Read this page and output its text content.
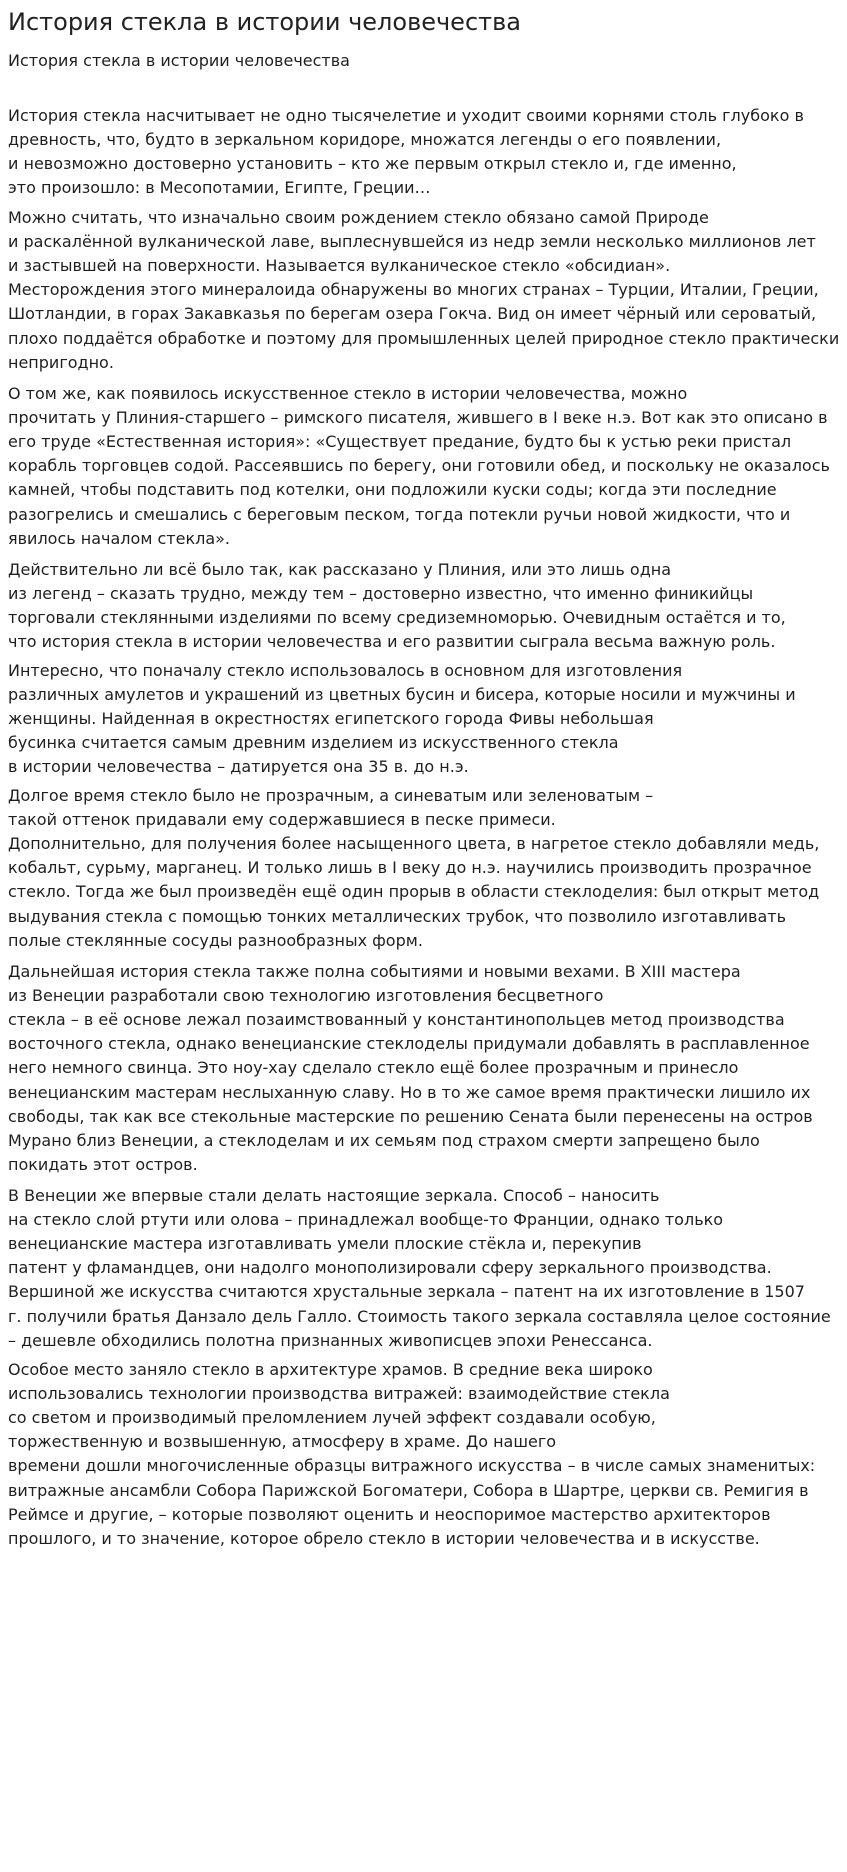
История стекла в истории человечества

История стекла в истории человечества

История стекла насчитывает не одно тысячелетие и уходит своими корнями столь глубоко в

древность, что, будто в зеркальном коридоре, множатся легенды о его появлении,

и невозможно достоверно установить – кто же первым открыл стекло и, где именно,

это произошло: в Месопотамии, Египте, Греции…

Можно считать, что изначально своим рождением стекло обязано самой Природе

и раскалённой вулканической лаве, выплеснувшейся из недр земли несколько миллионов лет

и застывшей на поверхности. Называется вулканическое стекло «обсидиан».

Месторождения этого минералоида обнаружены во многих странах – Турции, Италии, Греции,

Шотландии, в горах Закавказья по берегам озера Гокча. Вид он имеет чёрный или сероватый,

плохо поддаётся обработке и поэтому для промышленных целей природное стекло практически

непригодно.

О том же, как появилось искусственное стекло в истории человечества, можно

прочитать у Плиния-старшего – римского писателя, жившего в I веке н.э. Вот как это описано в

его труде «Естественная история»: «Существует предание, будто бы к устью реки пристал

корабль торговцев содой. Рассеявшись по берегу, они готовили обед, и поскольку не оказалось

камней, чтобы подставить под котелки, они подложили куски соды; когда эти последние

разогрелись и смешались с береговым песком, тогда потекли ручьи новой жидкости, что и

явилось началом стекла».

Действительно ли всё было так, как рассказано у Плиния, или это лишь одна

из легенд – сказать трудно, между тем – достоверно известно, что именно финикийцы

торговали стеклянными изделиями по всему средиземноморью. Очевидным остаётся и то,

что история стекла в истории человечества и его развитии сыграла весьма важную роль.

Интересно, что поначалу стекло использовалось в основном для изготовления

различных амулетов и украшений из цветных бусин и бисера, которые носили и мужчины и

женщины. Найденная в окрестностях египетского города Фивы небольшая

бусинка считается самым древним изделием из искусственного стекла

в истории человечества – датируется она 35 в. до н.э.

Долгое время стекло было не прозрачным, а синеватым или зеленоватым –

такой оттенок придавали ему содержавшиеся в песке примеси.

Дополнительно, для получения более насыщенного цвета, в нагретое стекло добавляли медь,

кобальт, сурьму, марганец. И только лишь в I веку до н.э. научились производить прозрачное

стекло. Тогда же был произведён ещё один прорыв в области стеклоделия: был открыт метод

выдувания стекла с помощью тонких металлических трубок, что позволило изготавливать

полые стеклянные сосуды разнообразных форм.

Дальнейшая история стекла также полна событиями и новыми вехами. В XIII мастера

из Венеции разработали свою технологию изготовления бесцветного

стекла – в её основе лежал позаимствованный у константинопольцев метод производства

восточного стекла, однако венецианские стеклоделы придумали добавлять в расплавленное

него немного свинца. Это ноу-хау сделало стекло ещё более прозрачным и принесло

венецианским мастерам неслыханную славу. Но в то же самое время практически лишило их

свободы, так как все стекольные мастерские по решению Сената были перенесены на остров

Мурано близ Венеции, а стеклоделам и их семьям под страхом смерти запрещено было

покидать этот остров.

В Венеции же впервые стали делать настоящие зеркала. Способ – наносить

на стекло слой ртути или олова – принадлежал вообще-то Франции, однако только

венецианские мастера изготавливать умели плоские стёкла и, перекупив

патент у фламандцев, они надолго монополизировали сферу зеркального производства.

Вершиной же искусства считаются хрустальные зеркала – патент на их изготовление в 1507

г. получили братья Данзало дель Галло. Стоимость такого зеркала составляла целое состояние

– дешевле обходились полотна признанных живописцев эпохи Ренессанса.

Особое место заняло стекло в архитектуре храмов. В средние века широко

использовались технологии производства витражей: взаимодействие стекла

со светом и производимый преломлением лучей эффект создавали особую,

торжественную и возвышенную, атмосферу в храме. До нашего

времени дошли многочисленные образцы витражного искусства – в числе самых знаменитых:

витражные ансамбли Собора Парижской Богоматери, Собора в Шартре, церкви св. Ремигия в

Реймсе и другие, – которые позволяют оценить и неоспоримое мастерство архитекторов

прошлого, и то значение, которое обрело стекло в истории человечества и в искусстве.
